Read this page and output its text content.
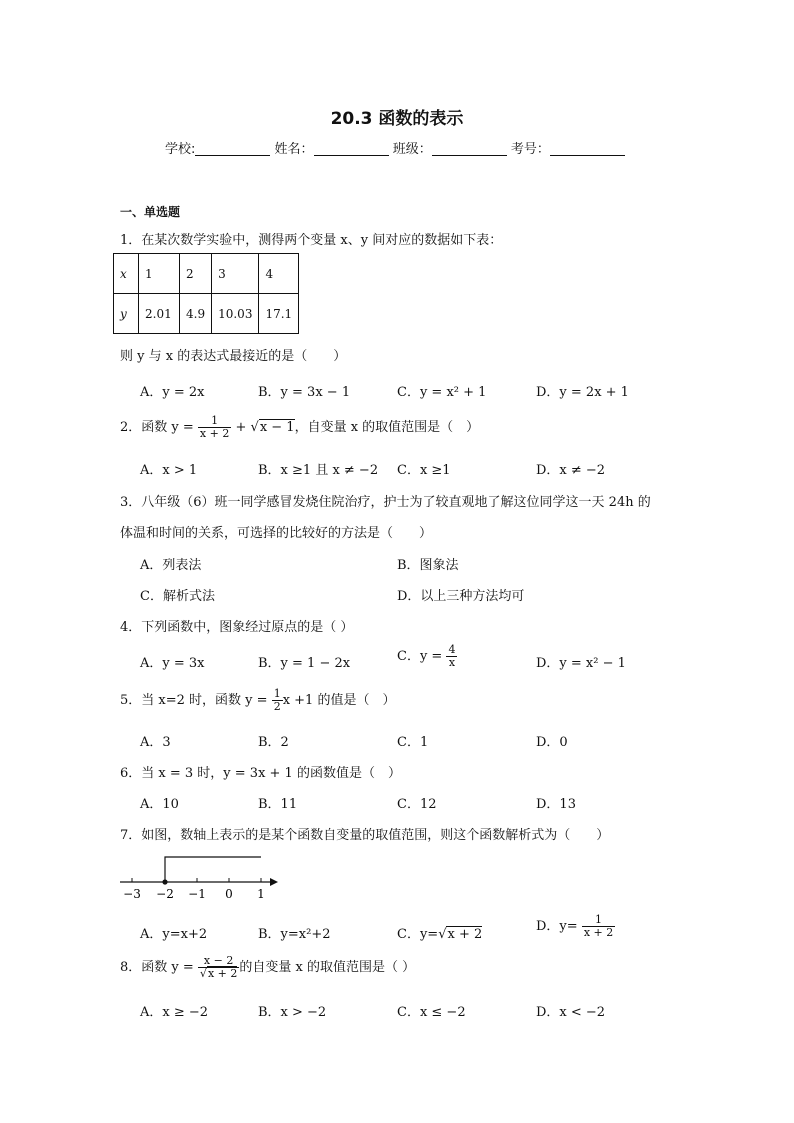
20.3 函数的表示
学校:	姓名：	班级：	考号：
一、单选题
1．在某次数学实验中，测得两个变量 x、y 间对应的数据如下表：
x	1	2	3	4
y	2.01	4.9	10.03	17.1
则 y 与 x 的表达式最接近的是（　　）
A．y = 2x	B．y = 3x − 1	C．y = x² + 1	D．y = 2x + 1
2．函数 $y = \frac{1}{x + 2} + √x - 1$，自变量 x 的取值范围是（　）
A．x > 1	B．x ≥1 且 x ≠ −2 C．x ≥1	D．x ≠ −2
3．八年级（6）班一同学感冒发烧住院治疗，护士为了较直观地了解这位同学这一天 24h 的
体温和时间的关系，可选择的比较好的方法是（　　）
A．列表法	B．图象法
C．解析式法	D．以上三种方法均可
4．下列函数中，图象经过原点的是（ ）
A．y = 3x	B．y = 1 − 2x	C．$y = \frac{4}{x}$	D．y = x² − 1
5．当 x=2 时，函数 $y = \frac{1}{2}$ x +1 的值是（　）
A．3	B．2	C．1	D．0
6．当 x = 3 时，y = 3x + 1 的函数值是（　）
A．10	B．11	C．12	D．13
7．如图，数轴上表示的是某个函数自变量的取值范围，则这个函数解析式为（　　）
−3 −2 −1 0 1
A．y=x+2	B．y=x²+2	C．y=√x + 2
D．$y= \frac{1}{x + 2}$
8．函数 $y = \frac{x - 2}{√x + 2}$ 的自变量 x 的取值范围是（ ）
A．x ≥ −2	B．x > −2	C．x ≤ −2	D．x < −2
